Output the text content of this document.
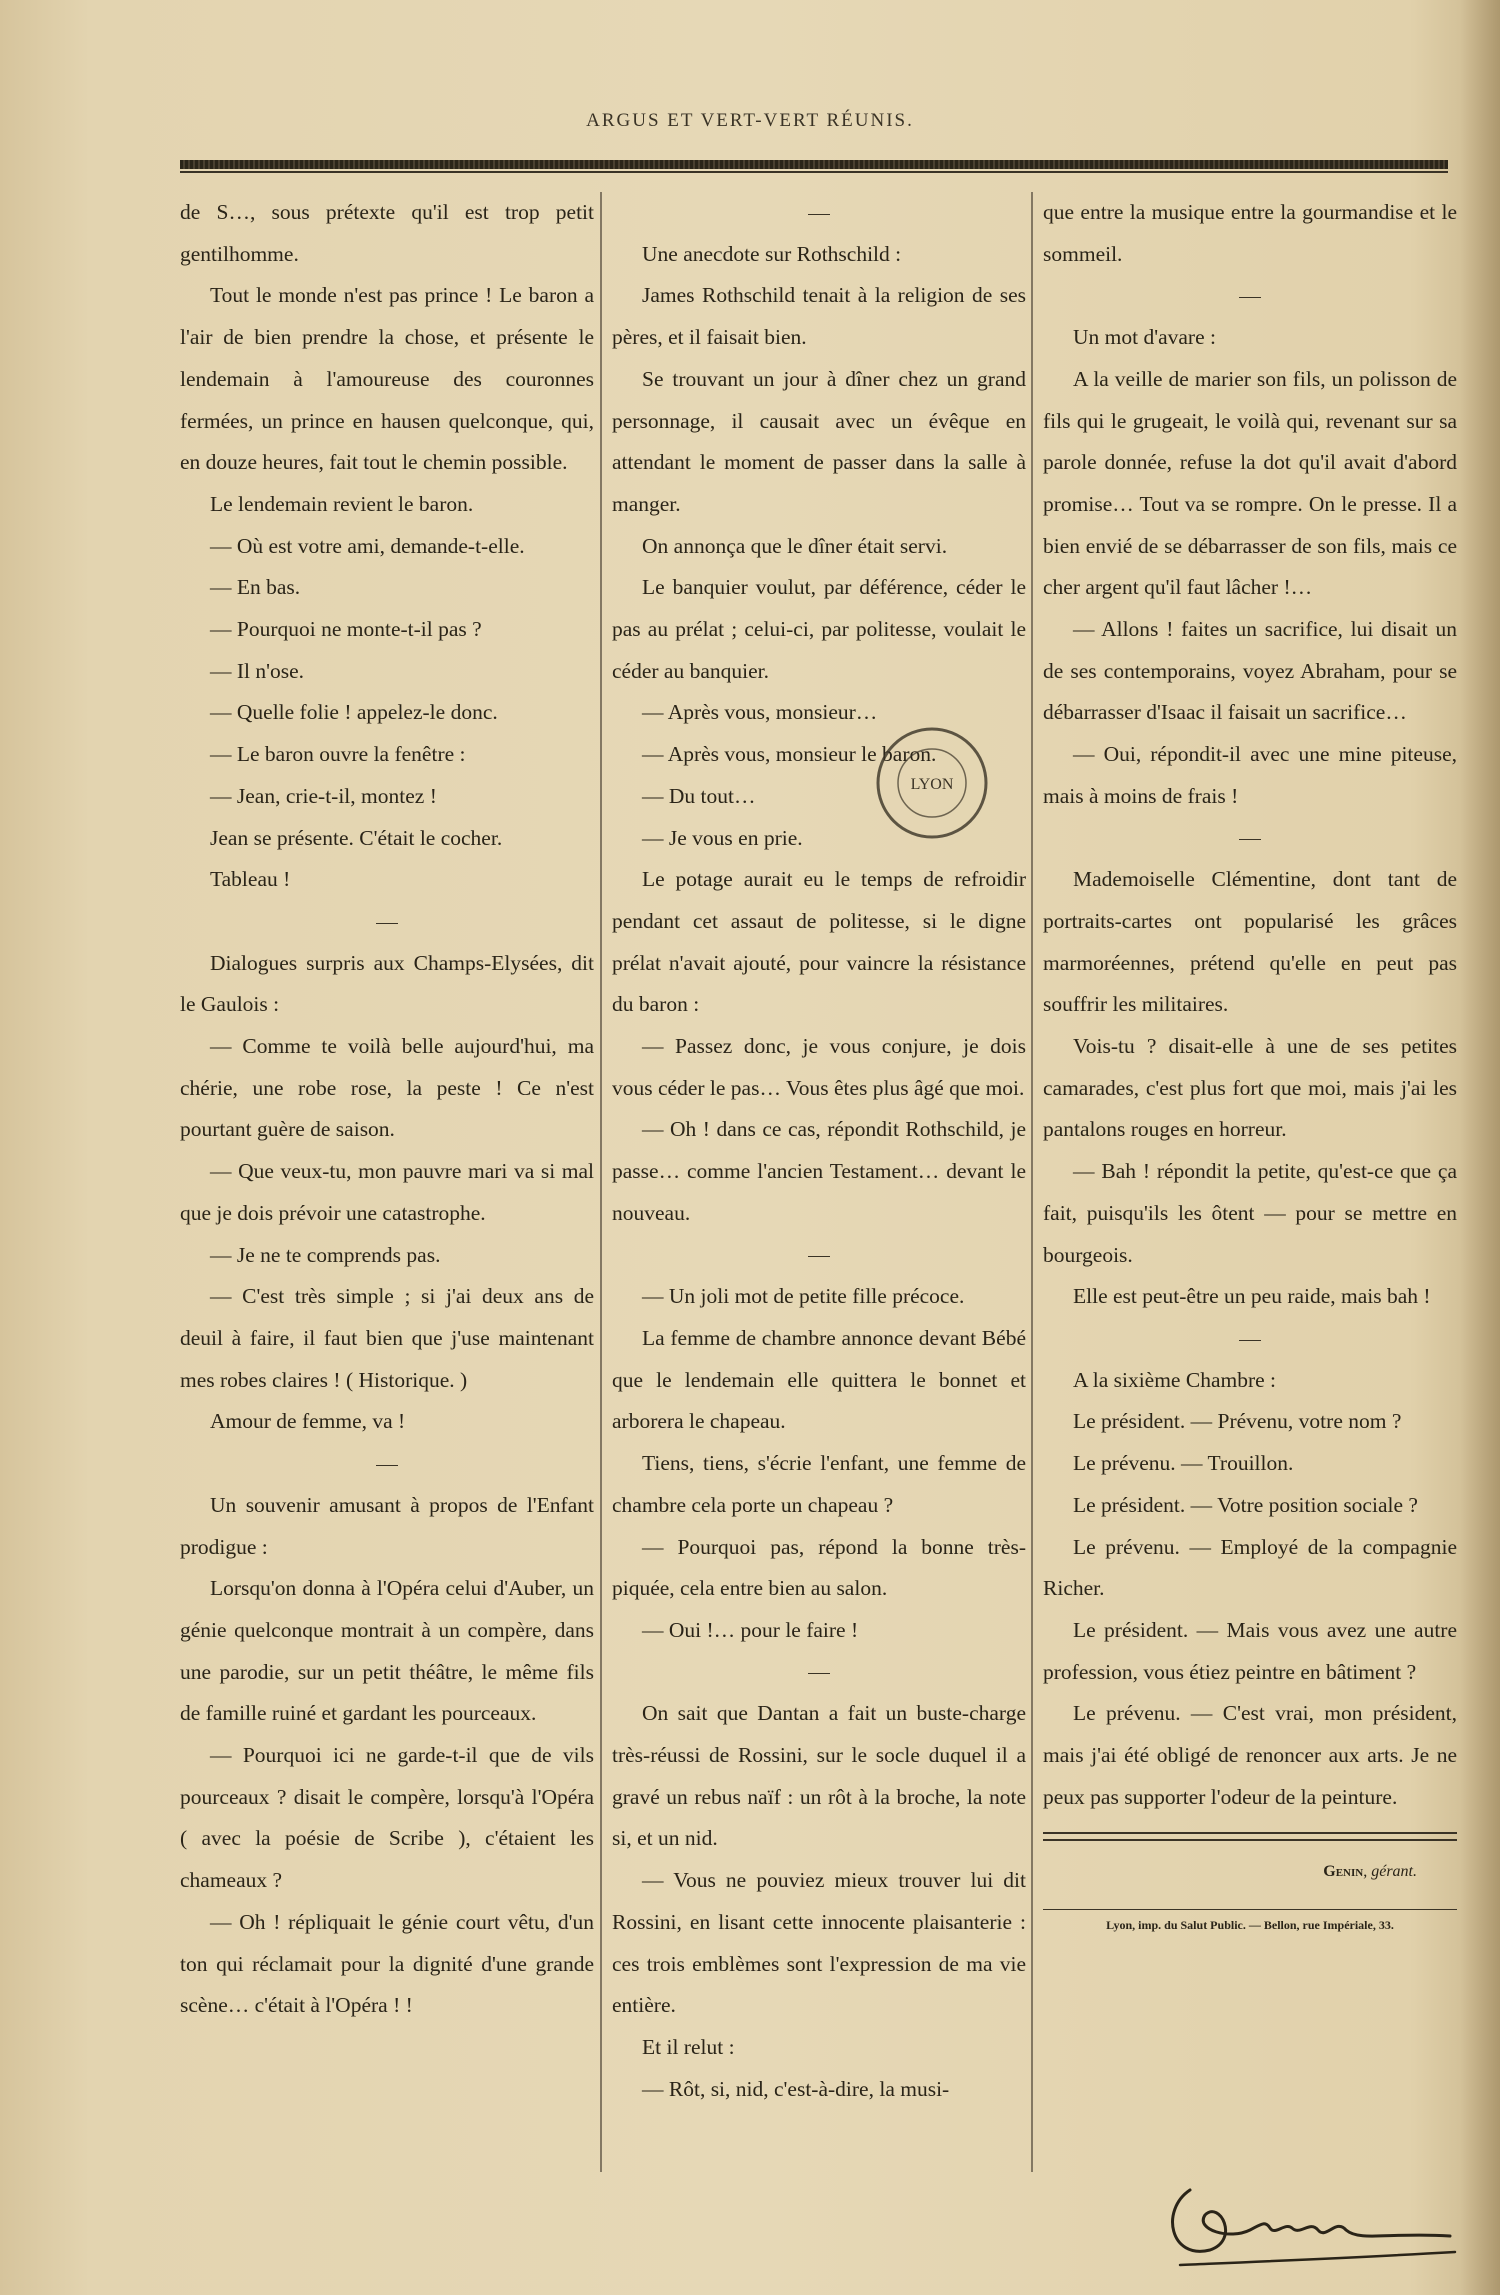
ARGUS ET VERT-VERT RÉUNIS.

de S…, sous prétexte qu'il est trop petit gentilhomme.

Tout le monde n'est pas prince ! Le baron a l'air de bien prendre la chose, et présente le lendemain à l'amoureuse des couronnes fermées, un prince en hausen quelconque, qui, en douze heures, fait tout le chemin possible.

Le lendemain revient le baron.

— Où est votre ami, demande-t-elle.

— En bas.

— Pourquoi ne monte-t-il pas ?

— Il n'ose.

— Quelle folie ! appelez-le donc.

— Le baron ouvre la fenêtre :

— Jean, crie-t-il, montez !

Jean se présente. C'était le cocher.

Tableau !

Dialogues surpris aux Champs-Elysées, dit le Gaulois :

— Comme te voilà belle aujourd'hui, ma chérie, une robe rose, la peste ! Ce n'est pourtant guère de saison.

— Que veux-tu, mon pauvre mari va si mal que je dois prévoir une catastrophe.

— Je ne te comprends pas.

— C'est très simple ; si j'ai deux ans de deuil à faire, il faut bien que j'use maintenant mes robes claires ! ( Historique. )

Amour de femme, va !

Un souvenir amusant à propos de l'Enfant prodigue :

Lorsqu'on donna à l'Opéra celui d'Auber, un génie quelconque montrait à un compère, dans une parodie, sur un petit théâtre, le même fils de famille ruiné et gardant les pourceaux.

— Pourquoi ici ne garde-t-il que de vils pourceaux ? disait le compère, lorsqu'à l'Opéra ( avec la poésie de Scribe ), c'étaient les chameaux ?

— Oh ! répliquait le génie court vêtu, d'un ton qui réclamait pour la dignité d'une grande scène… c'était à l'Opéra ! !

Une anecdote sur Rothschild :

James Rothschild tenait à la religion de ses pères, et il faisait bien.

Se trouvant un jour à dîner chez un grand personnage, il causait avec un évêque en attendant le moment de passer dans la salle à manger.

On annonça que le dîner était servi.

Le banquier voulut, par déférence, céder le pas au prélat ; celui-ci, par politesse, voulait le céder au banquier.

— Après vous, monsieur…

— Après vous, monsieur le baron.

— Du tout…

— Je vous en prie.

Le potage aurait eu le temps de refroidir pendant cet assaut de politesse, si le digne prélat n'avait ajouté, pour vaincre la résistance du baron :

— Passez donc, je vous conjure, je dois vous céder le pas… Vous êtes plus âgé que moi.

— Oh ! dans ce cas, répondit Rothschild, je passe… comme l'ancien Testament… devant le nouveau.

— Un joli mot de petite fille précoce.

La femme de chambre annonce devant Bébé que le lendemain elle quittera le bonnet et arborera le chapeau.

Tiens, tiens, s'écrie l'enfant, une femme de chambre cela porte un chapeau ?

— Pourquoi pas, répond la bonne très-piquée, cela entre bien au salon.

— Oui !… pour le faire !

On sait que Dantan a fait un buste-charge très-réussi de Rossini, sur le socle duquel il a gravé un rebus naïf : un rôt à la broche, la note si, et un nid.

— Vous ne pouviez mieux trouver lui dit Rossini, en lisant cette innocente plaisanterie : ces trois emblèmes sont l'expression de ma vie entière.

Et il relut :

— Rôt, si, nid, c'est-à-dire, la musi-

que entre la musique entre la gourmandise et le sommeil.

Un mot d'avare :

A la veille de marier son fils, un polisson de fils qui le grugeait, le voilà qui, revenant sur sa parole donnée, refuse la dot qu'il avait d'abord promise… Tout va se rompre. On le presse. Il a bien envié de se débarrasser de son fils, mais ce cher argent qu'il faut lâcher !…

— Allons ! faites un sacrifice, lui disait un de ses contemporains, voyez Abraham, pour se débarrasser d'Isaac il faisait un sacrifice…

— Oui, répondit-il avec une mine piteuse, mais à moins de frais !

Mademoiselle Clémentine, dont tant de portraits-cartes ont popularisé les grâces marmoréennes, prétend qu'elle en peut pas souffrir les militaires.

Vois-tu ? disait-elle à une de ses petites camarades, c'est plus fort que moi, mais j'ai les pantalons rouges en horreur.

— Bah ! répondit la petite, qu'est-ce que ça fait, puisqu'ils les ôtent — pour se mettre en bourgeois.

Elle est peut-être un peu raide, mais bah !

A la sixième Chambre :

Le président. — Prévenu, votre nom ?

Le prévenu. — Trouillon.

Le président. — Votre position sociale ?

Le prévenu. — Employé de la compagnie Richer.

Le président. — Mais vous avez une autre profession, vous étiez peintre en bâtiment ?

Le prévenu. — C'est vrai, mon président, mais j'ai été obligé de renoncer aux arts. Je ne peux pas supporter l'odeur de la peinture.

Genin, gérant.
Lyon, imp. du Salut Public. — Bellon, rue Impériale, 33.
LYON
